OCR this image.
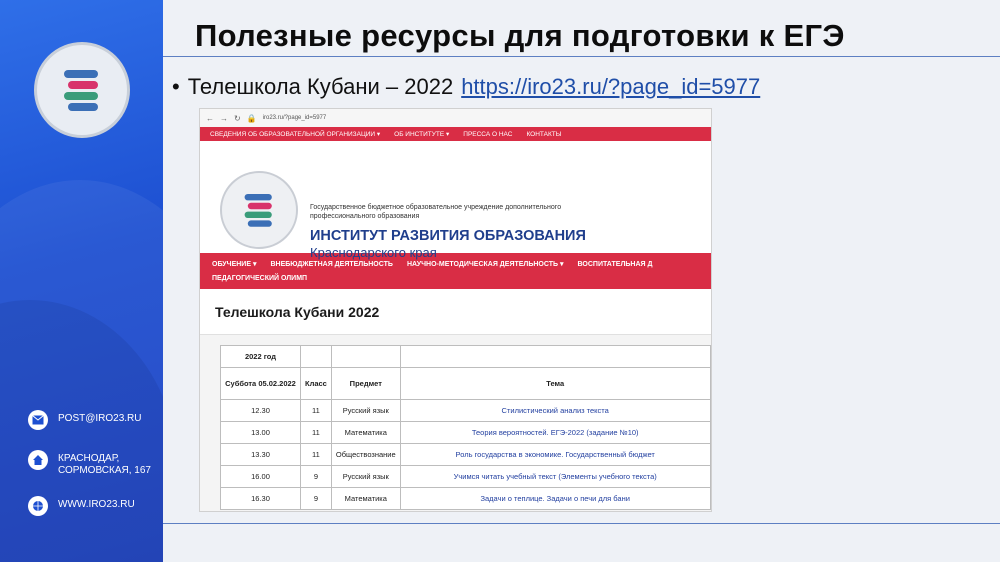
POST@IRO23.RU
КРАСНОДАР, СОРМОВСКАЯ, 167
WWW.IRO23.RU
Полезные ресурсы для подготовки к ЕГЭ
• Телешкола Кубани – 2022 https://iro23.ru/?page_id=5977
← → ↻ 🔒 iro23.ru/?page_id=5977
СВЕДЕНИЯ ОБ ОБРАЗОВАТЕЛЬНОЙ ОРГАНИЗАЦИИ ▾ ОБ ИНСТИТУТЕ ▾ ПРЕССА О НАС КОНТАКТЫ
Государственное бюджетное образовательное учреждение дополнительного профессионального образования
ИНСТИТУТ РАЗВИТИЯ ОБРАЗОВАНИЯ
Краснодарского края
ОБУЧЕНИЕ ▾ ВНЕБЮДЖЕТНАЯ ДЕЯТЕЛЬНОСТЬ НАУЧНО-МЕТОДИЧЕСКАЯ ДЕЯТЕЛЬНОСТЬ ▾ ВОСПИТАТЕЛЬНАЯ Д
ПЕДАГОГИЧЕСКИЙ ОЛИМП
Телешкола Кубани 2022
2022 год			
Суббота 05.02.2022	Класс	Предмет	Тема
12.30	11	Русский язык	Стилистический анализ текста
13.00	11	Математика	Теория вероятностей. ЕГЭ-2022 (задание №10)
13.30	11	Обществознание	Роль государства в экономике. Государственный бюджет
16.00	9	Русский язык	Учимся читать учебный текст (Элементы учебного текста)
16.30	9	Математика	Задачи о теплице. Задачи о печи для бани
